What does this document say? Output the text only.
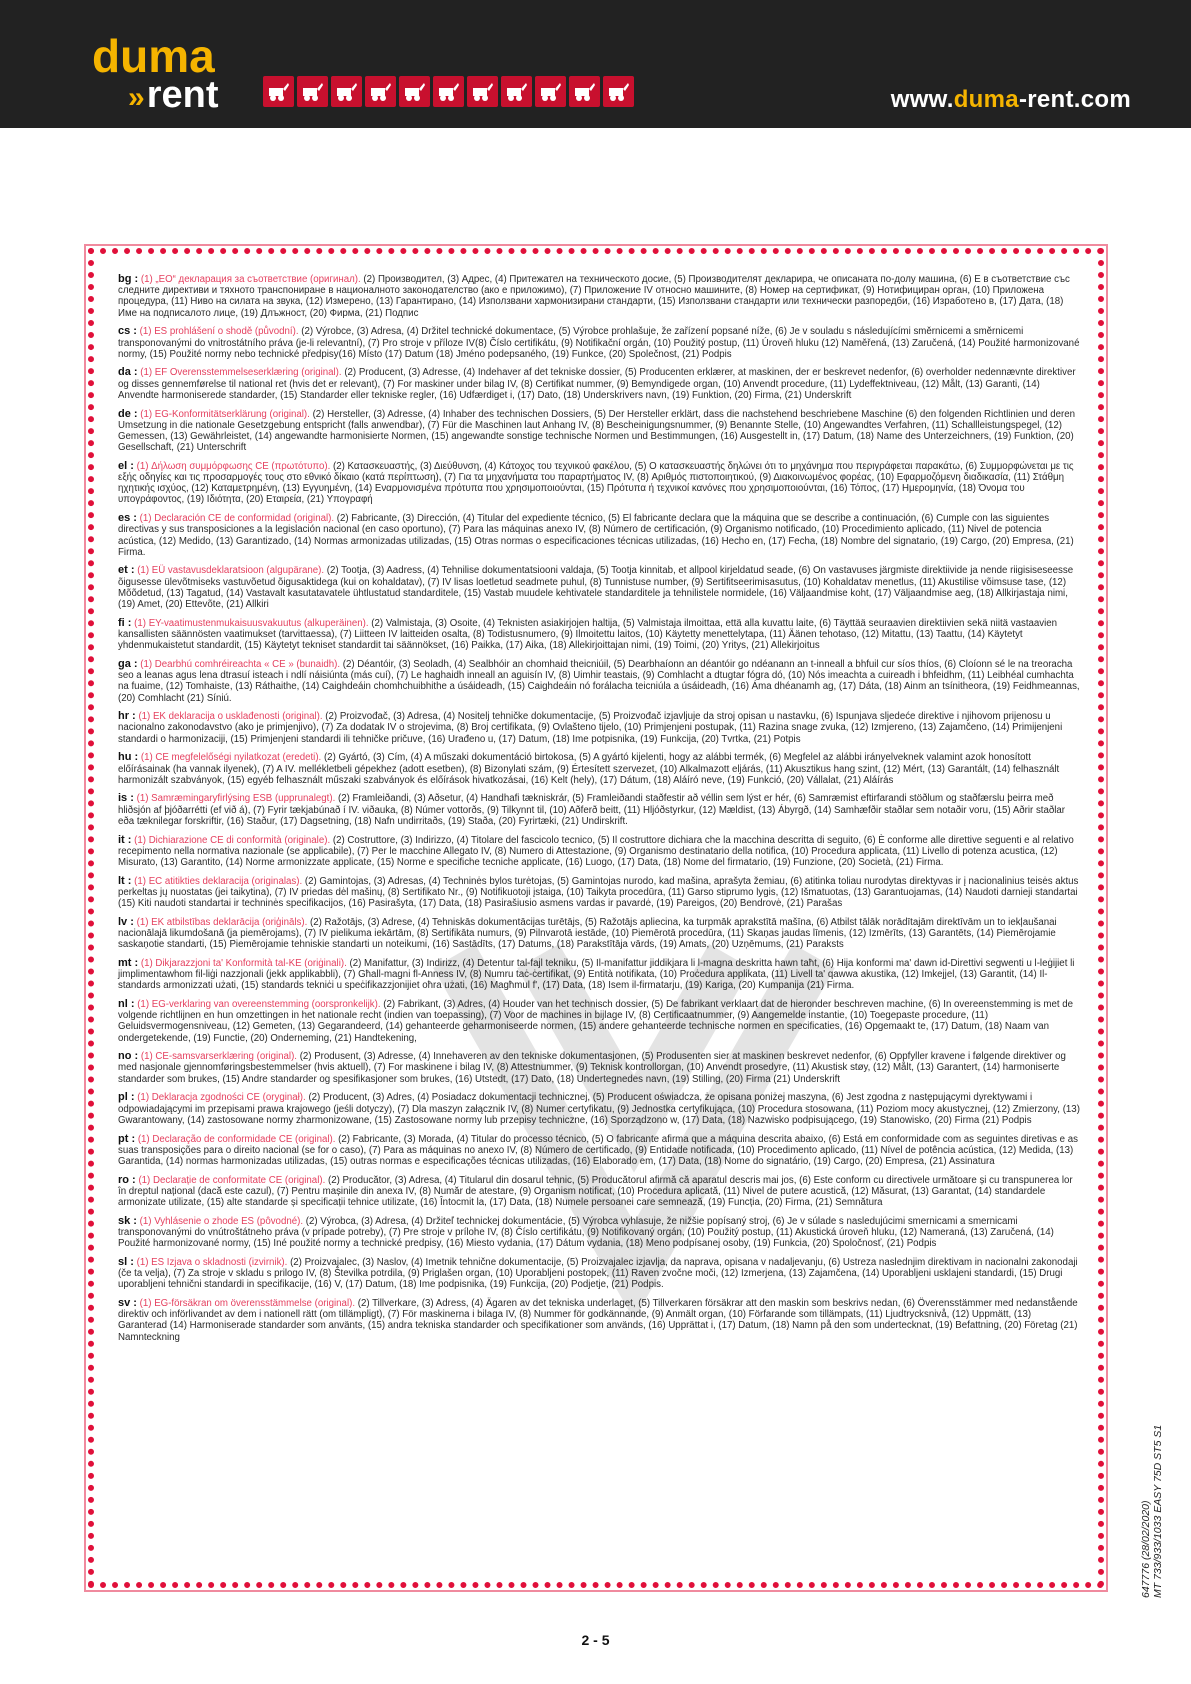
duma
»rent	www.duma-rent.com

bg : (1) „ЕО“ декларация за съответствие (оригинал). (2) Производител, (3) Адрес, (4) Притежател на техническото досие, (5) Производителят декларира, че описаната по-долу машина, (6) Е в съответствие със следните директиви и тяхното транспониране в националното законодателство (ако е приложимо), (7) Приложение IV относно машините, (8) Номер на сертификат, (9) Нотифициран орган, (10) Приложена процедура, (11) Ниво на силата на звука, (12) Измерено, (13) Гарантирано, (14) Използвани хармонизирани стандарти, (15) Използвани стандарти или технически разпоредби, (16) Изработено в, (17) Дата, (18) Име на подписалото лице, (19) Длъжност, (20) Фирма, (21) Подпис

cs : (1) ES prohlášení o shodě (původní). (2) Výrobce, (3) Adresa, (4) Držitel technické dokumentace, (5) Výrobce prohlašuje, že zařízení popsané níže, (6) Je v souladu s následujícími směrnicemi a směrnicemi transponovanými do vnitrostátního práva (je-li relevantní), (7) Pro stroje v příloze IV(8) Číslo certifikátu, (9) Notifikační orgán, (10) Použitý postup, (11) Úroveň hluku (12) Naměřená, (13) Zaručená, (14) Použité harmonizované normy, (15) Použité normy nebo technické předpisy(16) Místo (17) Datum (18) Jméno podepsaného, (19) Funkce, (20) Společnost, (21) Podpis

da : (1) EF Overensstemmelseserklæring (original). (2) Producent, (3) Adresse, (4) Indehaver af det tekniske dossier, (5) Producenten erklærer, at maskinen, der er beskrevet nedenfor, (6) overholder nedennævnte direktiver og disses gennemførelse til national ret (hvis det er relevant), (7) For maskiner under bilag IV, (8) Certifikat nummer, (9) Bemyndigede organ, (10) Anvendt procedure, (11) Lydeffektniveau, (12) Målt, (13) Garanti, (14) Anvendte harmoniserede standarder, (15) Standarder eller tekniske regler, (16) Udfærdiget i, (17) Dato, (18) Underskrivers navn, (19) Funktion, (20) Firma, (21) Underskrift

de : (1) EG-Konformitätserklärung (original). (2) Hersteller, (3) Adresse, (4) Inhaber des technischen Dossiers, (5) Der Hersteller erklärt, dass die nachstehend beschriebene Maschine (6) den folgenden Richtlinien und deren Umsetzung in die nationale Gesetzgebung entspricht (falls anwendbar), (7) Für die Maschinen laut Anhang IV, (8) Bescheinigungsnummer, (9) Benannte Stelle, (10) Angewandtes Verfahren, (11) Schallleistungspegel, (12) Gemessen, (13) Gewährleistet, (14) angewandte harmonisierte Normen, (15) angewandte sonstige technische Normen und Bestimmungen, (16) Ausgestellt in, (17) Datum, (18) Name des Unterzeichners, (19) Funktion, (20) Gesellschaft, (21) Unterschrift

el : (1) Δήλωση συμμόρφωσης CE (πρωτότυπο). (2) Κατασκευαστής, (3) Διεύθυνση, (4) Κάτοχος του τεχνικού φακέλου, (5) Ο κατασκευαστής δηλώνει ότι το μηχάνημα που περιγράφεται παρακάτω, (6) Συμμορφώνεται με τις εξής οδηγίες και τις προσαρμογές τους στο εθνικό δίκαιο (κατά περίπτωση), (7) Για τα μηχανήματα του παραρτήματος IV, (8) Αριθμός πιστοποιητικού, (9) Διακοινωμένος φορέας, (10) Εφαρμοζόμενη διαδικασία, (11) Στάθμη ηχητικής ισχύος, (12) Καταμετρημένη, (13) Εγγυημένη, (14) Εναρμονισμένα πρότυπα που χρησιμοποιούνται, (15) Πρότυπα ή τεχνικοί κανόνες που χρησιμοποιούνται, (16) Τόπος, (17) Ημερομηνία, (18) Όνομα του υπογράφοντος, (19) Ιδιότητα, (20) Εταιρεία, (21) Υπογραφή

es : (1) Declaración CE de conformidad (original). (2) Fabricante, (3) Dirección, (4) Titular del expediente técnico, (5) El fabricante declara que la máquina que se describe a continuación, (6) Cumple con las siguientes directivas y sus transposiciones a la legislación nacional (en caso oportuno), (7) Para las máquinas anexo IV, (8) Número de certificación, (9) Organismo notificado, (10) Procedimiento aplicado, (11) Nivel de potencia acústica, (12) Medido, (13) Garantizado, (14) Normas armonizadas utilizadas, (15) Otras normas o especificaciones técnicas utilizadas, (16) Hecho en, (17) Fecha, (18) Nombre del signatario, (19) Cargo, (20) Empresa, (21) Firma.

et : (1) EÜ vastavusdeklaratsioon (algupärane). (2) Tootja, (3) Aadress, (4) Tehnilise dokumentatsiooni valdaja, (5) Tootja kinnitab, et allpool kirjeldatud seade, (6) On vastavuses järgmiste direktiivide ja nende riigisiseseesse õigusesse ülevõtmiseks vastuvõetud õigusaktidega (kui on kohaldatav), (7) IV lisas loetletud seadmete puhul, (8) Tunnistuse number, (9) Sertifitseerimisasutus, (10) Kohaldatav menetlus, (11) Akustilise võimsuse tase, (12) Mõõdetud, (13) Tagatud, (14) Vastavalt kasutatavatele ühtlustatud standarditele, (15) Vastab muudele kehtivatele standarditele ja tehnilistele normidele, (16) Väljaandmise koht, (17) Väljaandmise aeg, (18) Allkirjastaja nimi, (19) Amet, (20) Ettevõte, (21) Allkiri

fi : (1) EY-vaatimustenmukaisuusvakuutus (alkuperäinen). (2) Valmistaja, (3) Osoite, (4) Teknisten asiakirjojen haltija, (5) Valmistaja ilmoittaa, että alla kuvattu laite, (6) Täyttää seuraavien direktiivien sekä niitä vastaavien kansallisten säännösten vaatimukset (tarvittaessa), (7) Liitteen IV laitteiden osalta, (8) Todistusnumero, (9) Ilmoitettu laitos, (10) Käytetty menettelytapa, (11) Äänen tehotaso, (12) Mitattu, (13) Taattu, (14) Käytetyt yhdenmukaistetut standardit, (15) Käytetyt tekniset standardit tai säännökset, (16) Paikka, (17) Aika, (18) Allekirjoittajan nimi, (19) Toimi, (20) Yritys, (21) Allekirjoitus

ga : (1) Dearbhú comhréireachta « CE » (bunaidh). (2) Déantóir, (3) Seoladh, (4) Sealbhóir an chomhaid theicniúil, (5) Dearbhaíonn an déantóir go ndéanann an t-inneall a bhfuil cur síos thíos, (6) Cloíonn sé le na treoracha seo a leanas agus lena dtrasuí isteach i ndlí náisiúnta (más cuí), (7) Le haghaidh inneall an aguisín IV, (8) Uimhir teastais, (9) Comhlacht a dtugtar fógra dó, (10) Nós imeachta a cuireadh i bhfeidhm, (11) Leibhéal cumhachta na fuaime, (12) Tomhaiste, (13) Ráthaithe, (14) Caighdeáin chomhchuibhithe a úsáideadh, (15) Caighdeáin nó forálacha teicniúla a úsáideadh, (16) Áma dhéanamh ag, (17) Dáta, (18) Ainm an tsínitheora, (19) Feidhmeannas, (20) Comhlacht (21) Síniú.

hr : (1) EK deklaracija o usklađenosti (original). (2) Proizvođač, (3) Adresa, (4) Nositelj tehničke dokumentacije, (5) Proizvođač izjavljuje da stroj opisan u nastavku, (6) Ispunjava sljedeće direktive i njihovom prijenosu u nacionalno zakonodavstvo (ako je primjenjivo), (7) Za dodatak IV o strojevima, (8) Broj certifikata, (9) Ovlašteno tijelo, (10) Primjenjeni postupak, (11) Razina snage zvuka, (12) Izmjereno, (13) Zajamčeno, (14) Primijenjeni standardi o harmonizaciji, (15) Primjenjeni standardi ili tehničke pričuve, (16) Urađeno u, (17) Datum, (18) Ime potpisnika, (19) Funkcija, (20) Tvrtka, (21) Potpis

hu : (1) CE megfelelőségi nyilatkozat (eredeti). (2) Gyártó, (3) Cím, (4) A műszaki dokumentáció birtokosa, (5) A gyártó kijelenti, hogy az alábbi termék, (6) Megfelel az alábbi irányelveknek valamint azok honosított előírásainak (ha vannak ilyenek), (7) A IV. mellékletbeli gépekhez (adott esetben), (8) Bizonylati szám, (9) Értesített szervezet, (10) Alkalmazott eljárás, (11) Akusztikus hang szint, (12) Mért, (13) Garantált, (14) felhasznált harmonizált szabványok, (15) egyéb felhasznált műszaki szabványok és előírások hivatkozásai, (16) Kelt (hely), (17) Dátum, (18) Aláíró neve, (19) Funkció, (20) Vállalat, (21) Aláírás

is : (1) Samræmingaryfirlýsing ESB (upprunalegt). (2) Framleiðandi, (3) Aðsetur, (4) Handhafi tækniskrár, (5) Framleiðandi staðfestir að véllin sem lýst er hér, (6) Samræmist eftirfarandi stöðlum og staðfærslu þeirra með hliðsjón af þjóðarrétti (ef við á), (7) Fyrir tækjabúnað í IV. viðauka, (8) Númer vottorðs, (9) Tilkynnt til, (10) Aðferð beitt, (11) Hljóðstyrkur, (12) Mældist, (13) Ábyrgð, (14) Samhæfðir staðlar sem notaðir voru, (15) Aðrir staðlar eða tæknilegar forskriftir, (16) Staður, (17) Dagsetning, (18) Nafn undirritaðs, (19) Staða, (20) Fyrirtæki, (21) Undirskrift.

it : (1) Dichiarazione CE di conformità (originale). (2) Costruttore, (3) Indirizzo, (4) Titolare del fascicolo tecnico, (5) Il costruttore dichiara che la macchina descritta di seguito, (6) È conforme alle direttive seguenti e al relativo recepimento nella normativa nazionale (se applicabile), (7) Per le macchine Allegato IV, (8) Numero di Attestazione, (9) Organismo destinatario della notifica, (10) Procedura applicata, (11) Livello di potenza acustica, (12) Misurato, (13) Garantito, (14) Norme armonizzate applicate, (15) Norme e specifiche tecniche applicate, (16) Luogo, (17) Data, (18) Nome del firmatario, (19) Funzione, (20) Società, (21) Firma.

lt : (1) EC atitikties deklaracija (originalas). (2) Gamintojas, (3) Adresas, (4) Techninės bylos turėtojas, (5) Gamintojas nurodo, kad mašina, aprašyta žemiau, (6) atitinka toliau nurodytas direktyvas ir į nacionalinius teisės aktus perkeltas jų nuostatas (jei taikytina), (7) IV priedas dėl mašinų, (8) Sertifikato Nr., (9) Notifikuotoji įstaiga, (10) Taikyta procedūra, (11) Garso stiprumo lygis, (12) Išmatuotas, (13) Garantuojamas, (14) Naudoti darnieji standartai (15) Kiti naudoti standartai ir techninės specifikacijos, (16) Pasirašyta, (17) Data, (18) Pasirašiusio asmens vardas ir pavardė, (19) Pareigos, (20) Bendrovė, (21) Parašas

lv : (1) EK atbilstības deklarācija (oriģināls). (2) Ražotājs, (3) Adrese, (4) Tehniskās dokumentācijas turētājs, (5) Ražotājs apliecina, ka turpmāk aprakstītā mašīna, (6) Atbilst tālāk norādītajām direktīvām un to iekļaušanai nacionālajā likumdošanā (ja piemērojams), (7) IV pielikuma iekārtām, (8) Sertifikāta numurs, (9) Pilnvarotā iestāde, (10) Piemērotā procedūra, (11) Skaņas jaudas līmenis, (12) Izmērīts, (13) Garantēts, (14) Piemērojamie saskaņotie standarti, (15) Piemērojamie tehniskie standarti un noteikumi, (16) Sastādīts, (17) Datums, (18) Parakstītāja vārds, (19) Amats, (20) Uzņēmums, (21) Paraksts

mt : (1) Dikjarazzjoni ta' Konformità tal-KE (oriġinali). (2) Manifattur, (3) Indirizz, (4) Detentur tal-fajl tekniku, (5) Il-manifattur jiddikjara li l-magna deskritta hawn taħt, (6) Hija konformi ma' dawn id-Direttivi segwenti u l-leġijiet li jimplimentawhom fil-liġi nazzjonali (jekk applikabbli), (7) Għall-magni fl-Anness IV, (8) Numru taċ-ċertifikat, (9) Entità notifikata, (10) Proċedura applikata, (11) Livell ta' qawwa akustika, (12) Imkejjel, (13) Garantit, (14) Il-standards armonizzati użati, (15) standards tekniċi u speċifikazzjonijiet oħra użati, (16) Magħmul f', (17) Data, (18) Isem il-firmatarju, (19) Kariga, (20) Kumpanija (21) Firma.

nl : (1) EG-verklaring van overeenstemming (oorspronkelijk). (2) Fabrikant, (3) Adres, (4) Houder van het technisch dossier, (5) De fabrikant verklaart dat de hieronder beschreven machine, (6) In overeenstemming is met de volgende richtlijnen en hun omzettingen in het nationale recht (indien van toepassing), (7) Voor de machines in bijlage IV, (8) Certificaatnummer, (9) Aangemelde instantie, (10) Toegepaste procedure, (11) Geluidsvermogensniveau, (12) Gemeten, (13) Gegarandeerd, (14) gehanteerde geharmoniseerde normen, (15) andere gehanteerde technische normen en specificaties, (16) Opgemaakt te, (17) Datum, (18) Naam van ondergetekende, (19) Functie, (20) Onderneming, (21) Handtekening,

no : (1) CE-samsvarserklæring (original). (2) Produsent, (3) Adresse, (4) Innehaveren av den tekniske dokumentasjonen, (5) Produsenten sier at maskinen beskrevet nedenfor, (6) Oppfyller kravene i følgende direktiver og med nasjonale gjennomføringsbestemmelser (hvis aktuell), (7) For maskinene i bilag IV, (8) Attestnummer, (9) Teknisk kontrollorgan, (10) Anvendt prosedyre, (11) Akustisk støy, (12) Målt, (13) Garantert, (14) harmoniserte standarder som brukes, (15) Andre standarder og spesifikasjoner som brukes, (16) Utstedt, (17) Dato, (18) Undertegnedes navn, (19) Stilling, (20) Firma (21) Underskrift

pl : (1) Deklaracja zgodności CE (oryginał). (2) Producent, (3) Adres, (4) Posiadacz dokumentacji technicznej, (5) Producent oświadcza, że opisana poniżej maszyna, (6) Jest zgodna z następującymi dyrektywami i odpowiadającymi im przepisami prawa krajowego (jeśli dotyczy), (7) Dla maszyn załącznik IV, (8) Numer certyfikatu, (9) Jednostka certyfikująca, (10) Procedura stosowana, (11) Poziom mocy akustycznej, (12) Zmierzony, (13) Gwarantowany, (14) zastosowane normy zharmonizowane, (15) Zastosowane normy lub przepisy techniczne, (16) Sporządzono w, (17) Data, (18) Nazwisko podpisującego, (19) Stanowisko, (20) Firma (21) Podpis

pt : (1) Declaração de conformidade CE (original). (2) Fabricante, (3) Morada, (4) Titular do processo técnico, (5) O fabricante afirma que a máquina descrita abaixo, (6) Está em conformidade com as seguintes diretivas e as suas transposições para o direito nacional (se for o caso), (7) Para as máquinas no anexo IV, (8) Número de certificado, (9) Entidade notificada, (10) Procedimento aplicado, (11) Nível de potência acústica, (12) Medida, (13) Garantida, (14) normas harmonizadas utilizadas, (15) outras normas e especificações técnicas utilizadas, (16) Elaborado em, (17) Data, (18) Nome do signatário, (19) Cargo, (20) Empresa, (21) Assinatura

ro : (1) Declarație de conformitate CE (original). (2) Producător, (3) Adresa, (4) Titularul din dosarul tehnic, (5) Producătorul afirmă că aparatul descris mai jos, (6) Este conform cu directivele următoare și cu transpunerea lor în dreptul național (dacă este cazul), (7) Pentru mașinile din anexa IV, (8) Număr de atestare, (9) Organism notificat, (10) Procedura aplicată, (11) Nivel de putere acustică, (12) Măsurat, (13) Garantat, (14) standardele armonizate utilizate, (15) alte standarde și specificații tehnice utilizate, (16) Întocmit la, (17) Data, (18) Numele persoanei care semnează, (19) Funcția, (20) Firma, (21) Semnătura

sk : (1) Vyhlásenie o zhode ES (pôvodné). (2) Výrobca, (3) Adresa, (4) Držiteľ technickej dokumentácie, (5) Výrobca vyhlasuje, že nižšie popísaný stroj, (6) Je v súlade s nasledujúcimi smernicami a smernicami transponovanými do vnútroštátneho práva (v prípade potreby), (7) Pre stroje v prílohe IV, (8) Číslo certifikátu, (9) Notifikovaný orgán, (10) Použitý postup, (11) Akustická úroveň hluku, (12) Nameraná, (13) Zaručená, (14) Použité harmonizované normy, (15) Iné použité normy a technické predpisy, (16) Miesto vydania, (17) Dátum vydania, (18) Meno podpísanej osoby, (19) Funkcia, (20) Spoločnosť, (21) Podpis

sl : (1) ES Izjava o skladnosti (izvirnik). (2) Proizvajalec, (3) Naslov, (4) Imetnik tehnične dokumentacije, (5) Proizvajalec izjavlja, da naprava, opisana v nadaljevanju, (6) Ustreza naslednjim direktivam in nacionalni zakonodaji (če ta velja), (7) Za stroje v skladu s prilogo IV, (8) Številka potrdila, (9) Priglašen organ, (10) Uporabljeni postopek, (11) Raven zvočne moči, (12) Izmerjena, (13) Zajamčena, (14) Uporabljeni usklajeni standardi, (15) Drugi uporabljeni tehnični standardi in specifikacije, (16) V, (17) Datum, (18) Ime podpisnika, (19) Funkcija, (20) Podjetje, (21) Podpis.

sv : (1) EG-försäkran om överensstämmelse (original). (2) Tillverkare, (3) Adress, (4) Ägaren av det tekniska underlaget, (5) Tillverkaren försäkrar att den maskin som beskrivs nedan, (6) Överensstämmer med nedanstående direktiv och införlivandet av dem i nationell rätt (om tillämpligt), (7) För maskinerna i bilaga IV, (8) Nummer för godkännande, (9) Anmält organ, (10) Förfarande som tillämpats, (11) Ljudtrycksnivå, (12) Uppmätt, (13) Garanterad (14) Harmoniserade standarder som använts, (15) andra tekniska standarder och specifikationer som används, (16) Upprättat i, (17) Datum, (18) Namn på den som undertecknat, (19) Befattning, (20) Företag (21) Namnteckning

2 - 5
647776 (28/02/2020) MT 733/933/1033 EASY 75D ST5 S1
